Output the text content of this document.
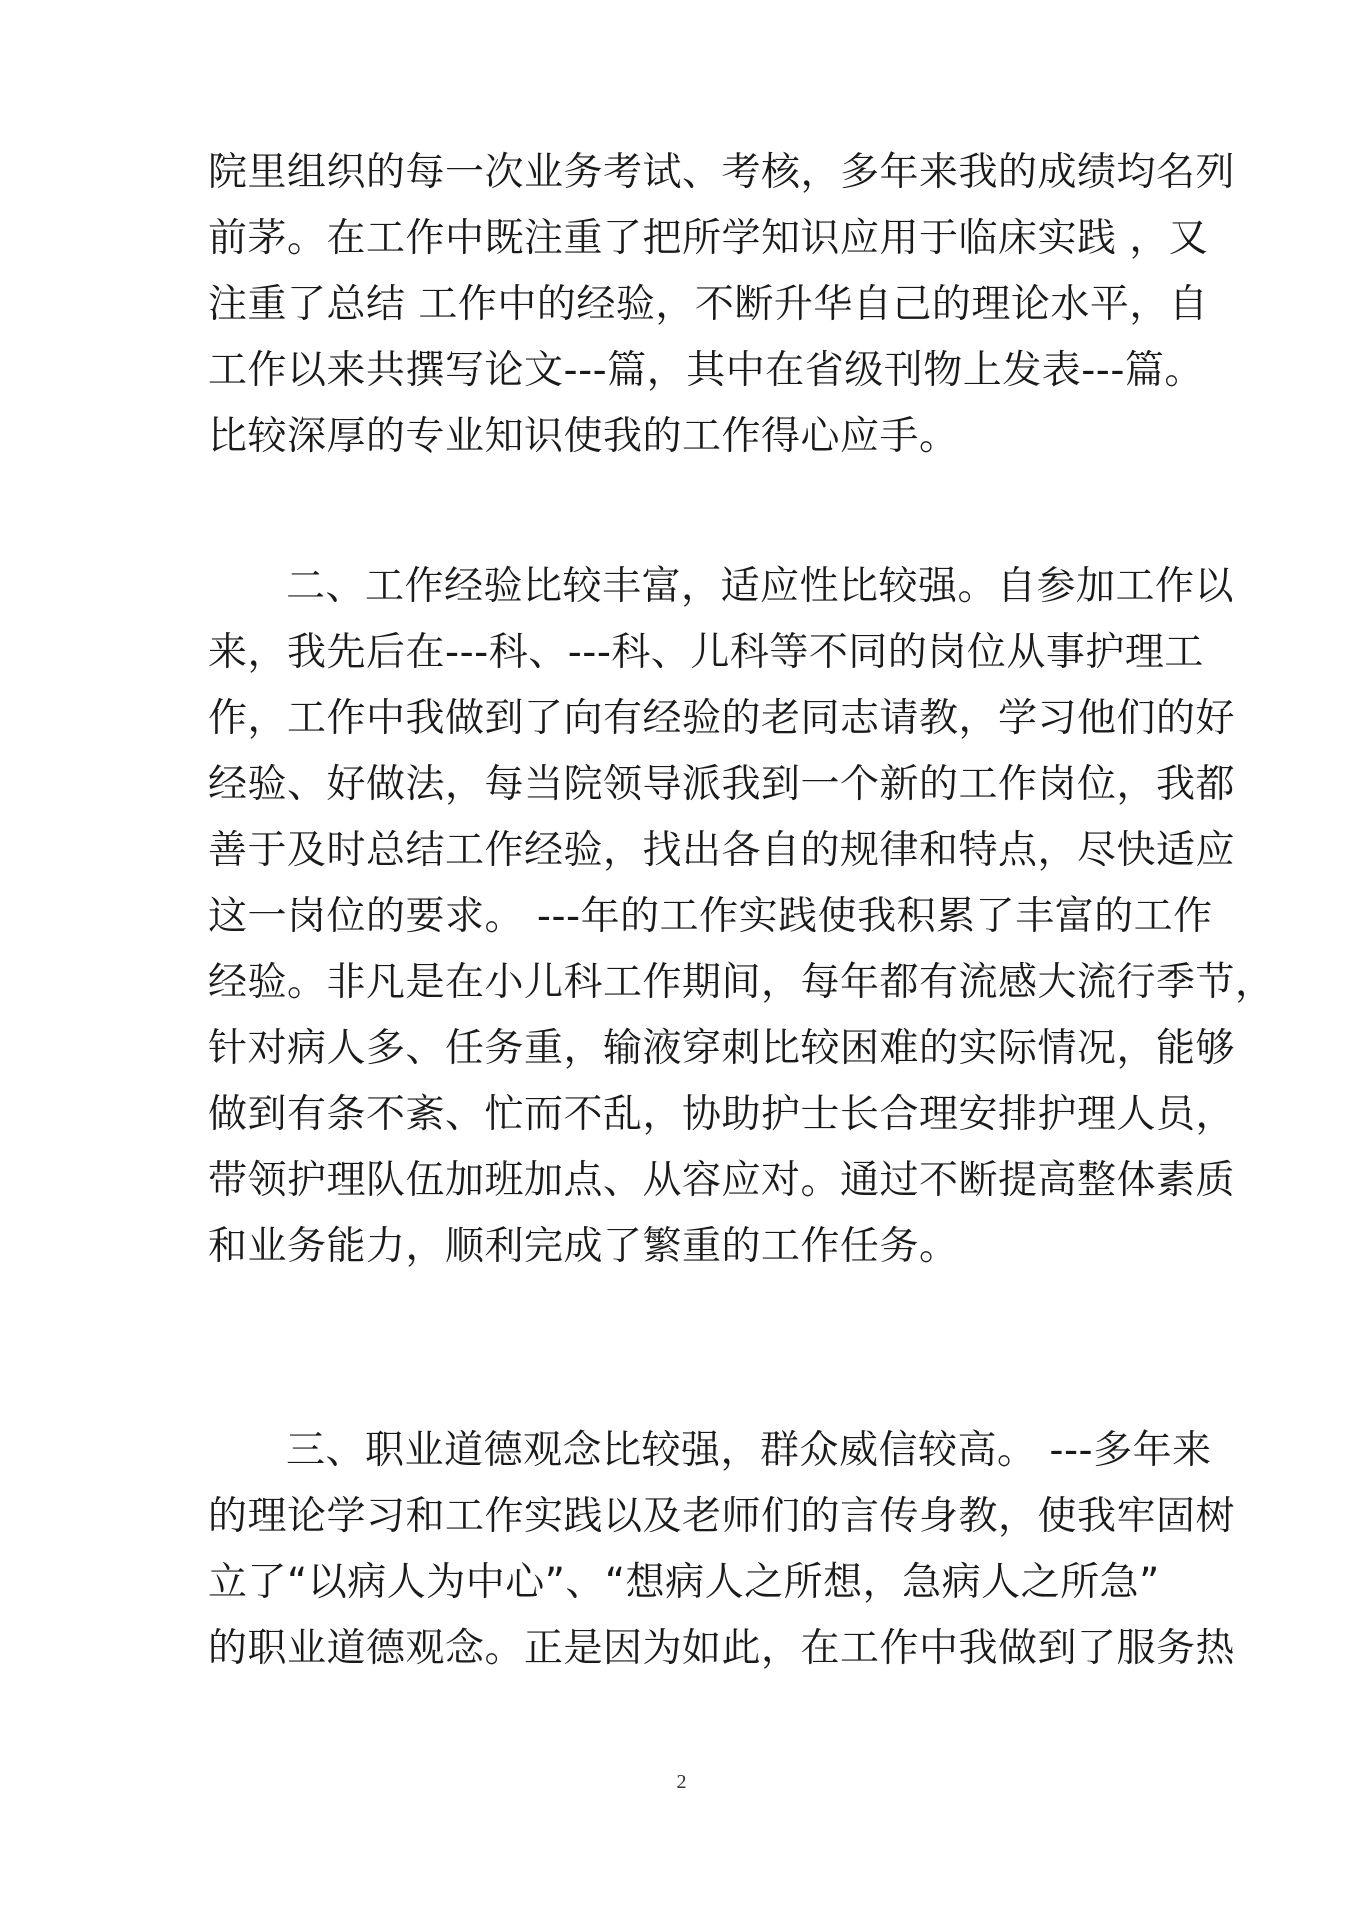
院里组织的每一次业务考试、考核，多年来我的成绩均名列
前茅。在工作中既注重了把所学知识应用于临床实践 ，又
注重了总结 工作中的经验，不断升华自己的理论水平，自
工作以来共撰写论文---篇，其中在省级刊物上发表---篇。
比较深厚的专业知识使我的工作得心应手。
二、工作经验比较丰富，适应性比较强。自参加工作以
来，我先后在---科、---科、儿科等不同的岗位从事护理工
作，工作中我做到了向有经验的老同志请教，学习他们的好
经验、好做法，每当院领导派我到一个新的工作岗位，我都
善于及时总结工作经验，找出各自的规律和特点，尽快适应
这一岗位的要求。 ---年的工作实践使我积累了丰富的工作
经验。非凡是在小儿科工作期间，每年都有流感大流行季节，
针对病人多、任务重，输液穿刺比较困难的实际情况，能够
做到有条不紊、忙而不乱，协助护士长合理安排护理人员，
带领护理队伍加班加点、从容应对。通过不断提高整体素质
和业务能力，顺利完成了繁重的工作任务。
三、职业道德观念比较强，群众威信较高。 ---多年来
的理论学习和工作实践以及老师们的言传身教，使我牢固树
立了“以病人为中心”、“想病人之所想，急病人之所急”
的职业道德观念。正是因为如此，在工作中我做到了服务热
2
